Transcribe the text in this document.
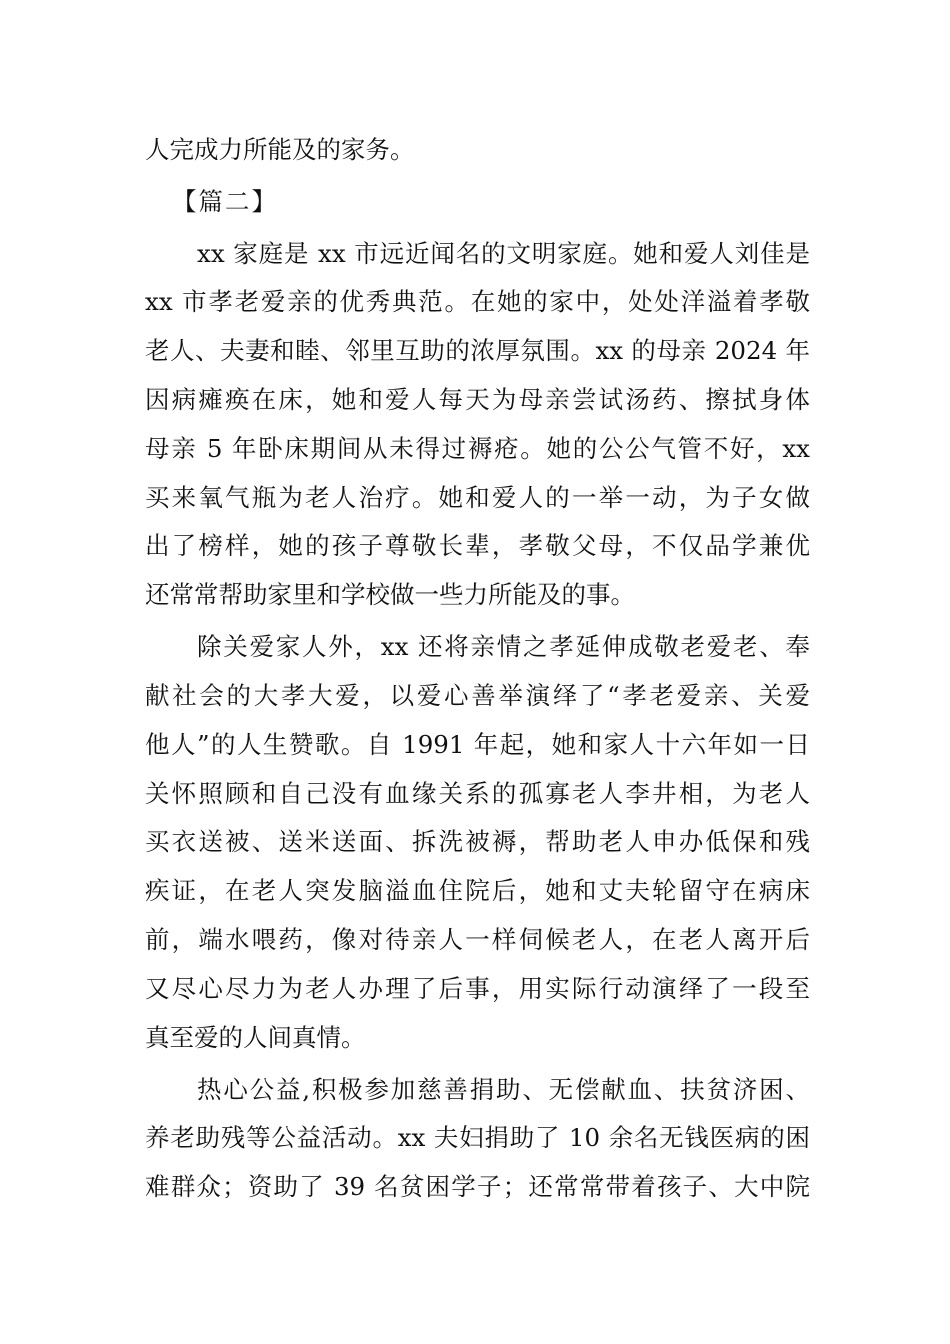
人完成力所能及的家务。
【篇二】
xx 家庭是 xx 市远近闻名的文明家庭。她和爱人刘佳是
xx 市孝老爱亲的优秀典范。在她的家中，处处洋溢着孝敬
老人、夫妻和睦、邻里互助的浓厚氛围。xx 的母亲 2024 年
因病瘫痪在床，她和爱人每天为母亲尝试汤药、擦拭身体
母亲 5 年卧床期间从未得过褥疮。她的公公气管不好，xx
买来氧气瓶为老人治疗。她和爱人的一举一动，为子女做
出了榜样，她的孩子尊敬长辈，孝敬父母，不仅品学兼优
还常常帮助家里和学校做一些力所能及的事。
除关爱家人外，xx 还将亲情之孝延伸成敬老爱老、奉
献社会的大孝大爱，以爱心善举演绎了“孝老爱亲、关爱
他人”的人生赞歌。自 1991 年起，她和家人十六年如一日
关怀照顾和自己没有血缘关系的孤寡老人李井相，为老人
买衣送被、送米送面、拆洗被褥，帮助老人申办低保和残
疾证，在老人突发脑溢血住院后，她和丈夫轮留守在病床
前，端水喂药，像对待亲人一样伺候老人，在老人离开后
又尽心尽力为老人办理了后事，用实际行动演绎了一段至
真至爱的人间真情。
热心公益,积极参加慈善捐助、无偿献血、扶贫济困、
养老助残等公益活动。xx 夫妇捐助了 10 余名无钱医病的困
难群众；资助了 39 名贫困学子；还常常带着孩子、大中院
